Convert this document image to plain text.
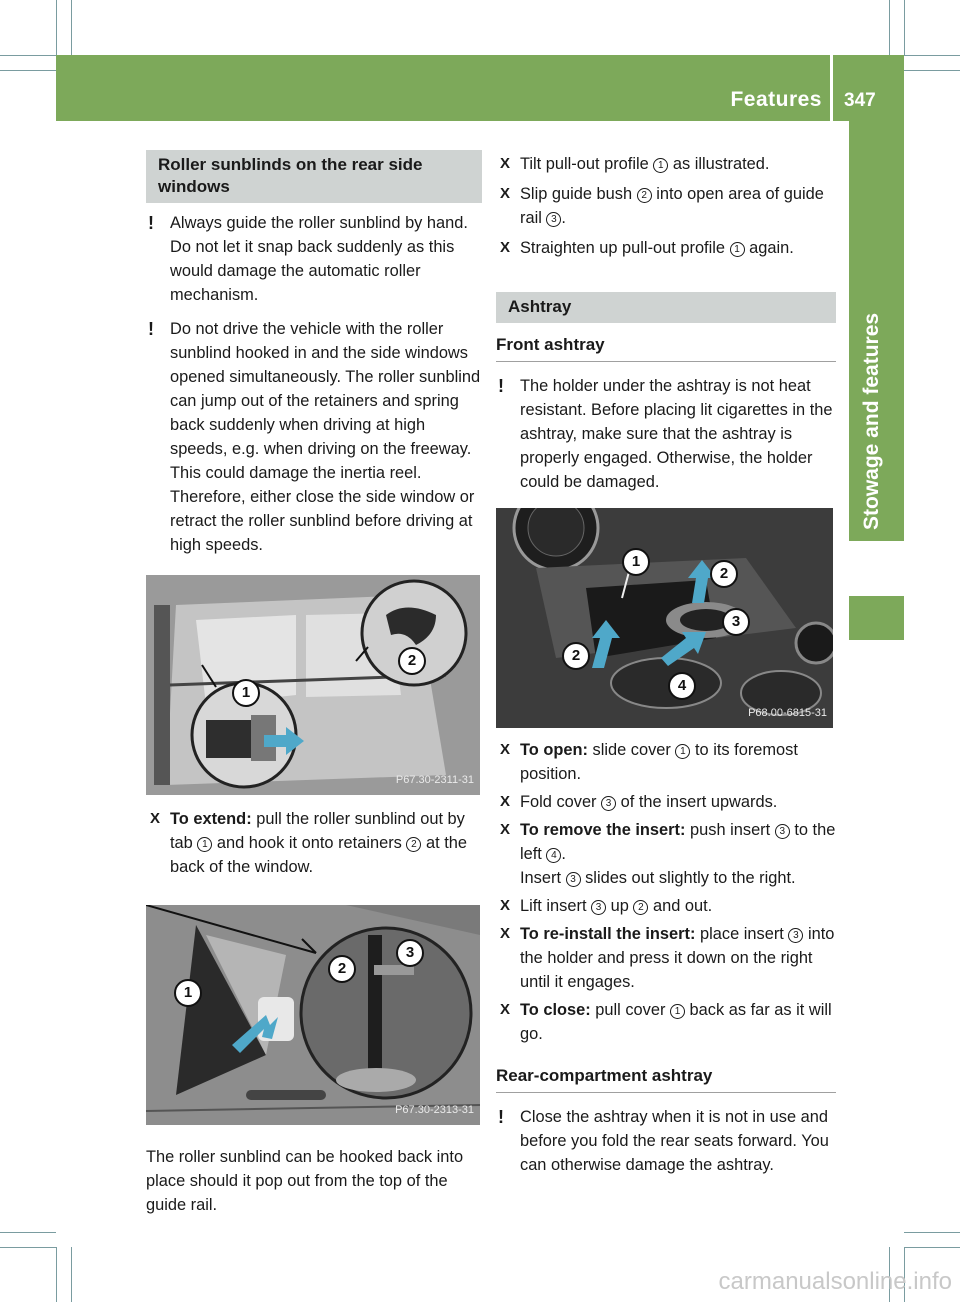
Features 347
Stowage and features
Roller sunblinds on the rear side windows
! Always guide the roller sunblind by hand. Do not let it snap back suddenly as this would damage the automatic roller mechanism.
! Do not drive the vehicle with the roller sunblind hooked in and the side windows opened simultaneously. The roller sunblind can jump out of the retainers and spring back suddenly when driving at high speeds, e.g. when driving on the freeway. This could damage the inertia reel. Therefore, either close the side window or retract the roller sunblind before driving at high speeds.
1
2
P67.30-2311-31
X To extend: pull the roller sunblind out by tab 1 and hook it onto retainers 2 at the back of the window.
1
2
3
P67.30-2313-31
The roller sunblind can be hooked back into place should it pop out from the top of the guide rail.
X Tilt pull-out profile 1 as illustrated.
X Slip guide bush 2 into open area of guide rail 3 .
X Straighten up pull-out profile 1 again.
Ashtray
Front ashtray
! The holder under the ashtray is not heat resistant. Before placing lit cigarettes in the ashtray, make sure that the ashtray is properly engaged. Otherwise, the holder could be damaged.
1
2
3
2
4
P68.00-6815-31
X To open: slide cover 1 to its foremost position.
X Fold cover 3 of the insert upwards.
X To remove the insert: push insert 3 to the left 4 .
Insert 3 slides out slightly to the right.
X Lift insert 3 up 2 and out.
X To re-install the insert: place insert 3 into the holder and press it down on the right until it engages.
X To close: pull cover 1 back as far as it will go.
Rear-compartment ashtray
! Close the ashtray when it is not in use and before you fold the rear seats forward. You can otherwise damage the ashtray.
carmanualsonline.info
